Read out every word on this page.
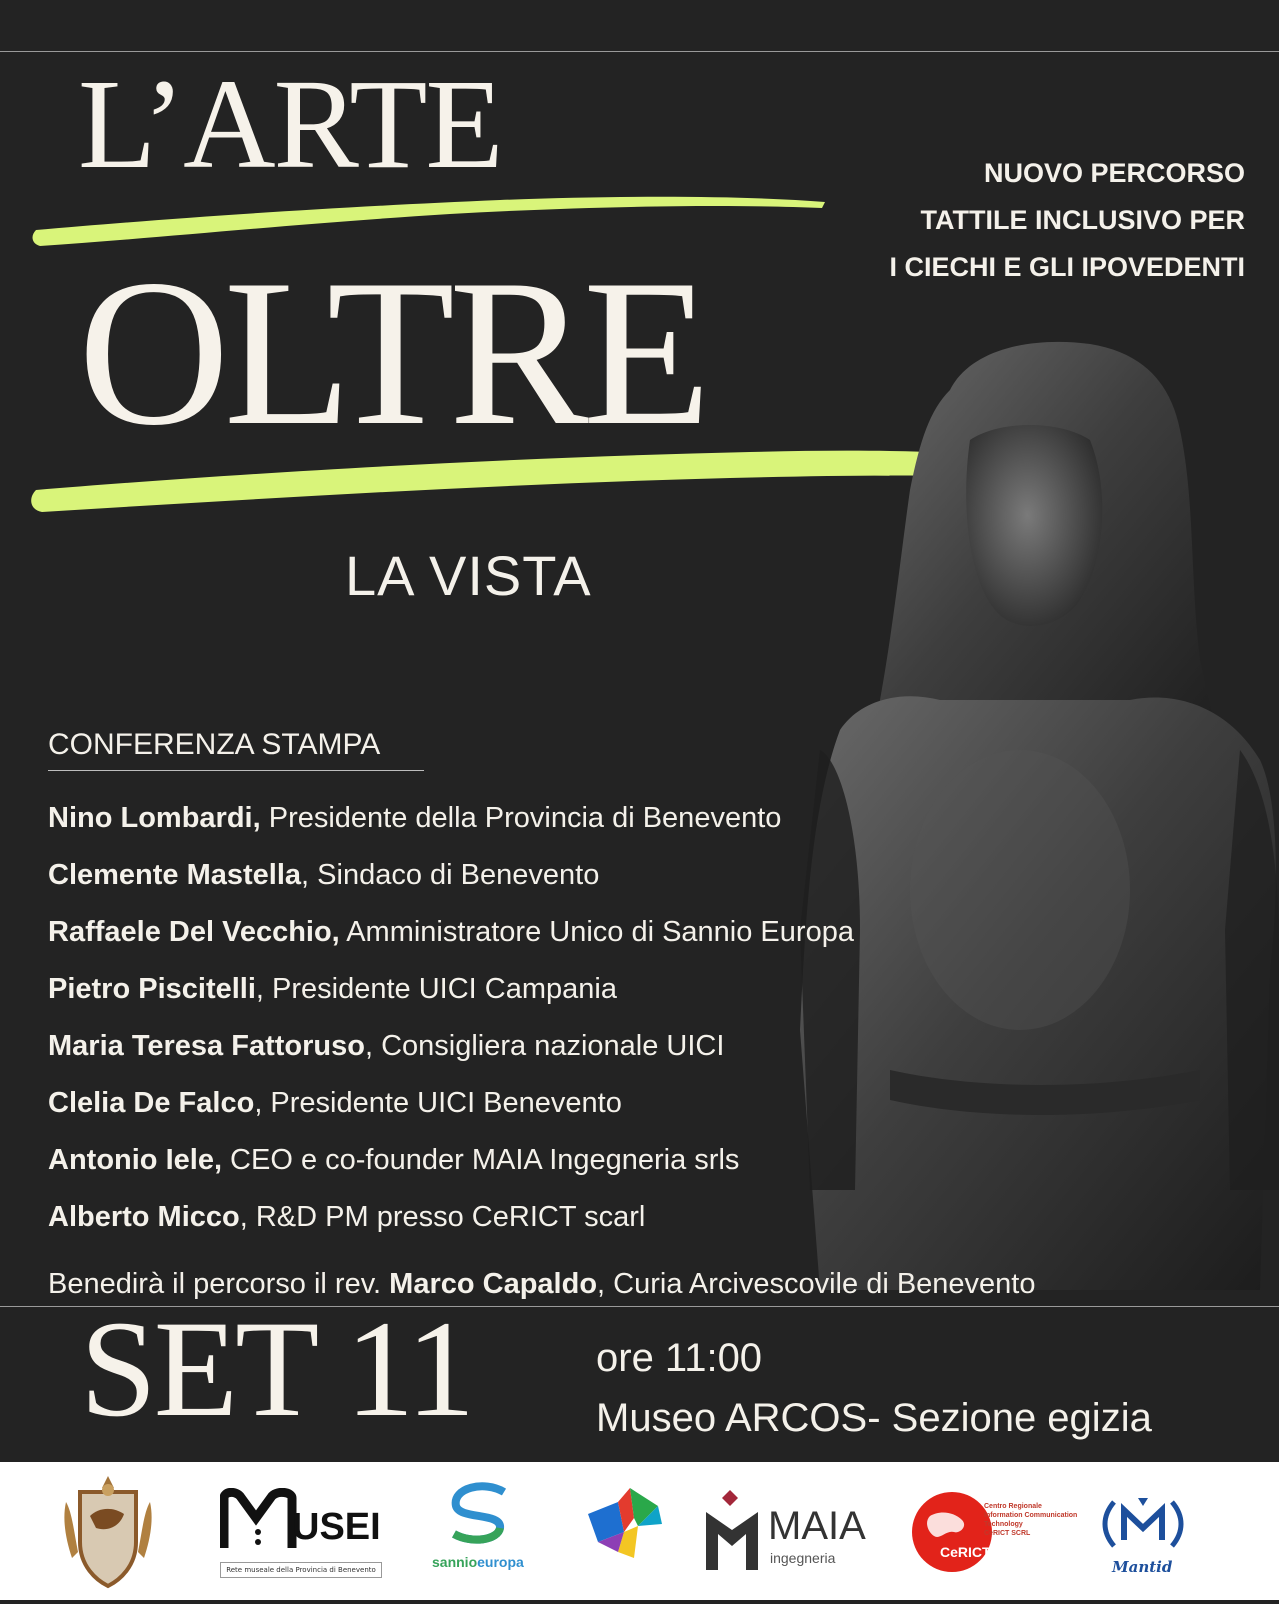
L’ARTE
OLTRE
LA VISTA
NUOVO PERCORSO
TATTILE INCLUSIVO PER
I CIECHI E GLI IPOVEDENTI
CONFERENZA STAMPA
Nino Lombardi, Presidente della Provincia di Benevento
Clemente Mastella, Sindaco di Benevento
Raffaele Del Vecchio, Amministratore Unico di Sannio Europa
Pietro Piscitelli, Presidente UICI Campania
Maria Teresa Fattoruso, Consigliera nazionale UICI
Clelia De Falco, Presidente UICI Benevento
Antonio Iele, CEO e co-founder MAIA Ingegneria srls
Alberto Micco, R&D PM presso CeRICT scarl
Benedirà il percorso il rev. Marco Capaldo, Curia Arcivescovile di Benevento
SET 11	ore 11:00
Museo ARCOS- Sezione egizia
USEI
Rete museale della Provincia di Benevento	sannioeuropa
MAIA
ingegneria	CeRICT
Centro Regionale
Information Communication
Technology
CeRICT SCRL
Mantid
